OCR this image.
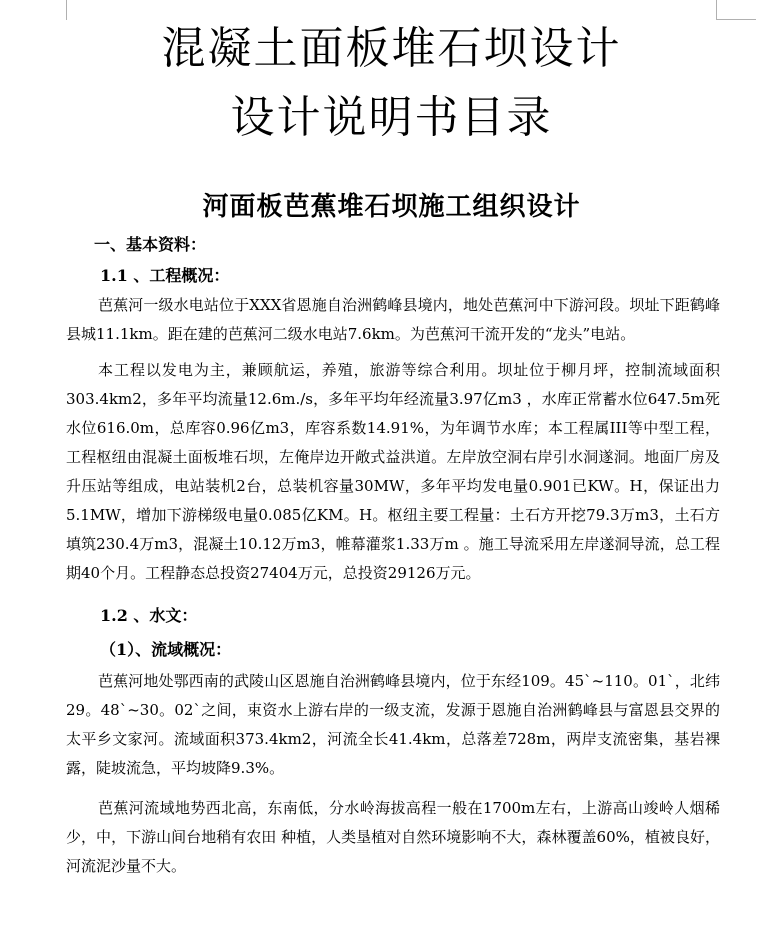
混凝土面板堆石坝设计
设计说明书目录
河面板芭蕉堆石坝施工组织设计
一、基本资料：
1.1 、工程概况：

芭蕉河一级水电站位于XXX省恩施自治洲鹤峰县境内，地处芭蕉河中下游河段。坝址下距鹤峰县城11.1km。距在建的芭蕉河二级水电站7.6km。为芭蕉河干流开发的“龙头”电站。

本工程以发电为主，兼顾航运，养殖，旅游等综合利用。坝址位于柳月坪，控制流域面积303.4km2，多年平均流量12.6m./s，多年平均年经流量3.97亿m3 ，水库正常蓄水位647.5m死水位616.0m，总库容0.96亿m3，库容系数14.91%，为年调节水库；本工程属III等中型工程，工程枢纽由混凝土面板堆石坝，左俺岸边开敞式益洪道。左岸放空洞右岸引水洞遂洞。地面厂房及升压站等组成，电站装机2台，总装机容量30MW，多年平均发电量0.901已KW。H，保证出力5.1MW，增加下游梯级电量0.085亿KM。H。枢纽主要工程量：土石方开挖79.3万m3，土石方填筑230.4万m3，混凝土10.12万m3，帷幕灌浆1.33万m 。施工导流采用左岸遂洞导流，总工程期40个月。工程静态总投资27404万元，总投资29126万元。

1.2 、水文：
（1）、流域概况：

芭蕉河地处鄂西南的武陵山区恩施自治洲鹤峰县境内，位于东经109。45`~110。01`，北纬29。48`~30。02`之间，束资水上游右岸的一级支流，发源于恩施自治洲鹤峰县与富恩县交界的太平乡文家河。流域面积373.4km2，河流全长41.4km，总落差728m，两岸支流密集，基岩裸露，陡坡流急，平均坡降9.3%。

芭蕉河流域地势西北高，东南低，分水岭海拔高程一般在1700m左右，上游高山竣岭人烟稀少，中，下游山间台地稍有农田 种植，人类垦植对自然环境影响不大，森林覆盖60%，植被良好，河流泥沙量不大。
